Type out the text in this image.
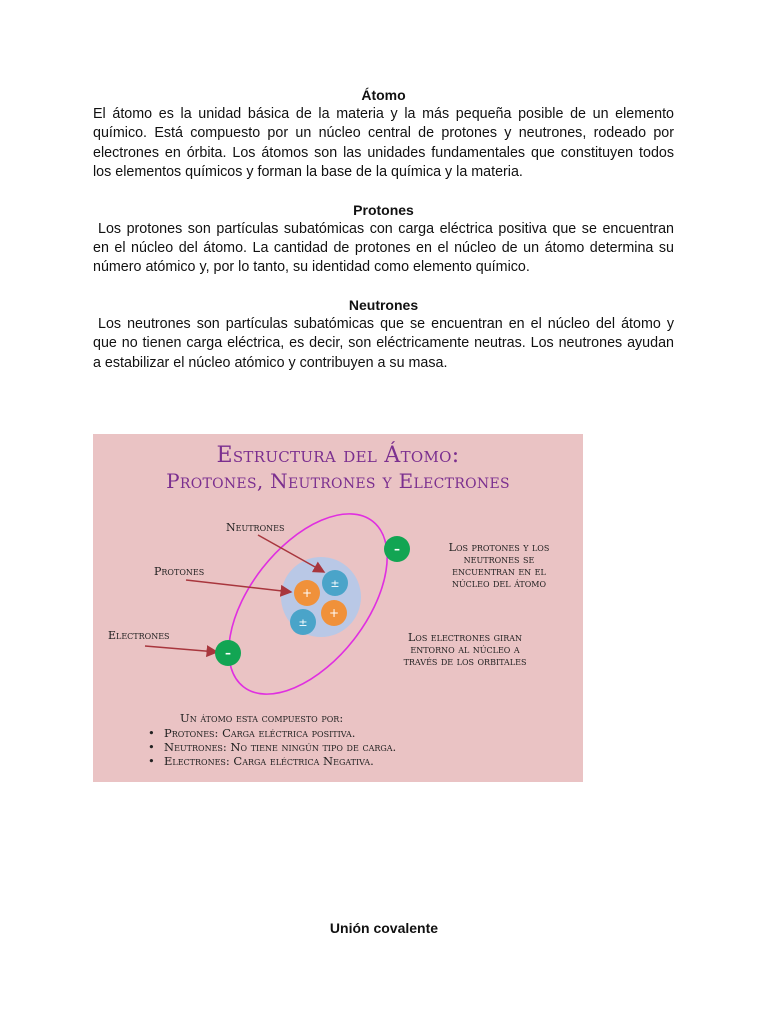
Átomo

El átomo es la unidad básica de la materia y la más pequeña posible de un elemento químico. Está compuesto por un núcleo central de protones y neutrones, rodeado por electrones en órbita. Los átomos son las unidades fundamentales que constituyen todos los elementos químicos y forman la base de la química y la materia.

Protones

Los protones son partículas subatómicas con carga eléctrica positiva que se encuentran en el núcleo del átomo. La cantidad de protones en el núcleo de un átomo determina su número atómico y, por lo tanto, su identidad como elemento químico.

Neutrones

Los neutrones son partículas subatómicas que se encuentran en el núcleo del átomo y que no tienen carga eléctrica, es decir, son eléctricamente neutras. Los neutrones ayudan a estabilizar el núcleo atómico y contribuyen a su masa.

Estructura del Átomo:
Protones, Neutrones y Electrones
±
+
+
±
–
–
Neutrones
Protones
Electrones
Los protones y los neutrones se encuentran en el núcleo del átomo
Los electrones giran entorno al núcleo a través de los orbitales
Un átomo esta compuesto por:
• Protones: Carga eléctrica positiva.
• Neutrones: No tiene ningún tipo de carga.
• Electrones: Carga eléctrica Negativa.
Unión covalente
